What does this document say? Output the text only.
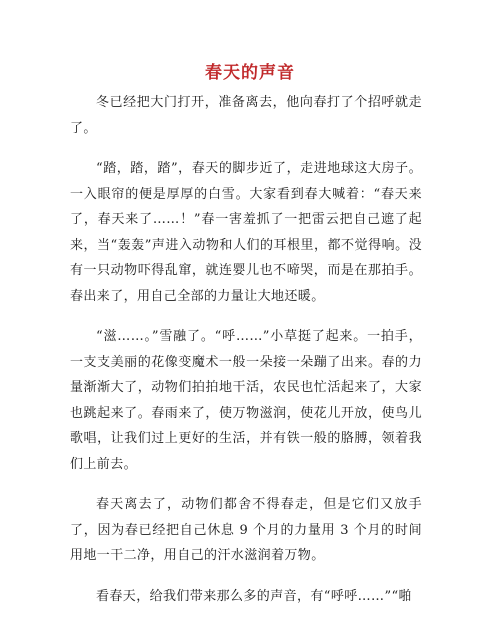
春天的声音

冬已经把大门打开，准备离去，他向春打了个招呼就走了。

“踏，踏，踏”，春天的脚步近了，走进地球这大房子。一入眼帘的便是厚厚的白雪。大家看到春大喊着：“春天来了，春天来了……！”春一害羞抓了一把雷云把自己遮了起来，当“轰轰”声进入动物和人们的耳根里，都不觉得响。没有一只动物吓得乱窜，就连婴儿也不啼哭，而是在那拍手。春出来了，用自己全部的力量让大地还暖。

“滋……。”雪融了。“呼……”小草挺了起来。一拍手，一支支美丽的花像变魔术一般一朵接一朵蹦了出来。春的力量渐渐大了，动物们拍拍地干活，农民也忙活起来了，大家也跳起来了。春雨来了，使万物滋润，使花儿开放，使鸟儿歌唱，让我们过上更好的生活，并有铁一般的胳膊，领着我们上前去。

春天离去了，动物们都舍不得春走，但是它们又放手了，因为春已经把自己休息 9 个月的力量用 3 个月的时间用地一干二净，用自己的汗水滋润着万物。

看春天，给我们带来那么多的声音，有“呼呼……”“啪
